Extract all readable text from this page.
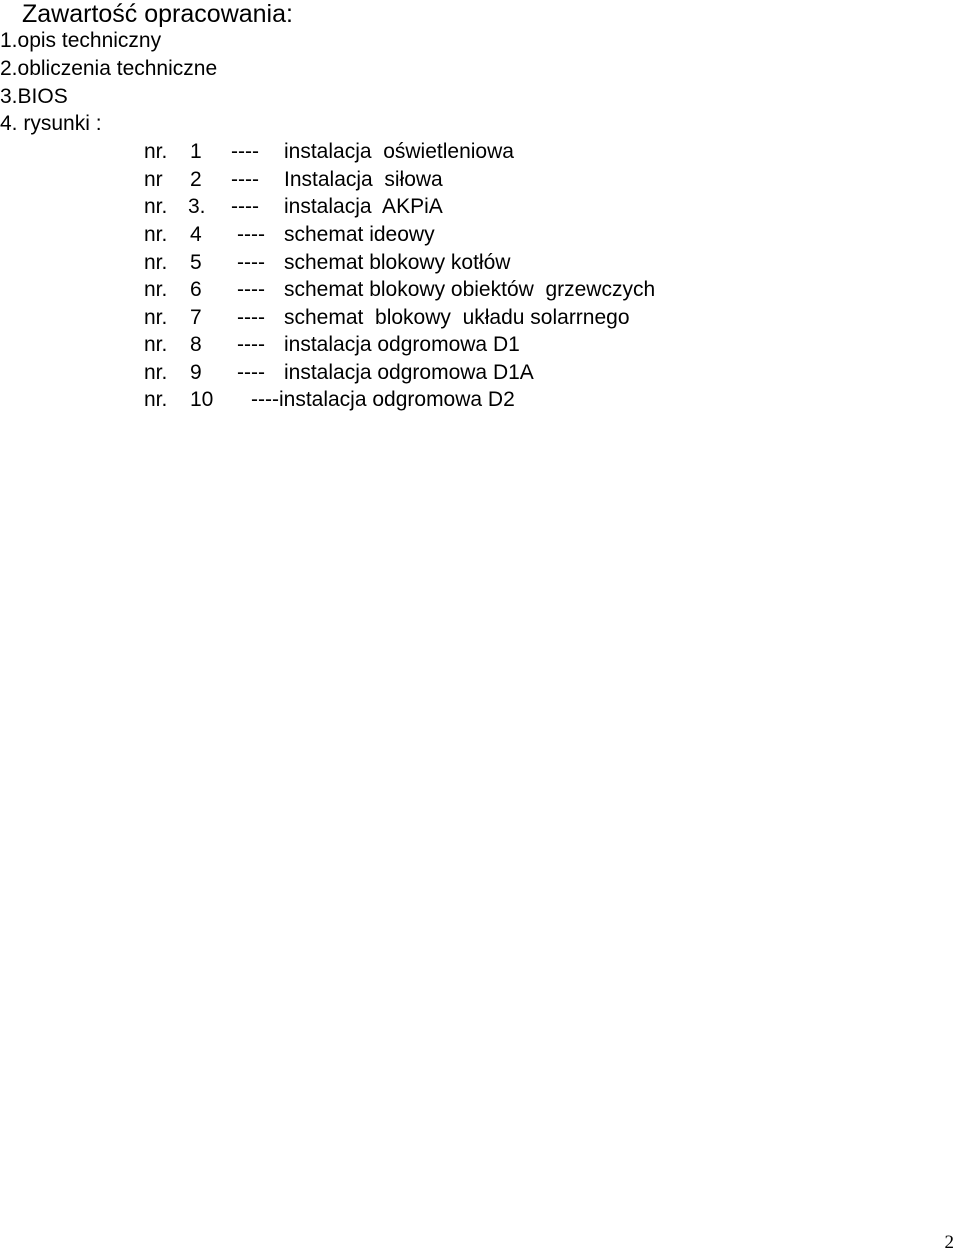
Zawartość opracowania:
1.opis techniczny
2.obliczenia techniczne
3.BIOS
4. rysunki :
nr. 1 ---- instalacja  oświetleniowa
nr 2 ---- Instalacja  siłowa
nr. 3. ---- instalacja  AKPiA
nr. 4 ---- schemat ideowy
nr. 5 ---- schemat blokowy kotłów
nr. 6 ---- schemat blokowy obiektów  grzewczych
nr. 7 ---- schemat  blokowy  układu solarrnego
nr. 8 ---- instalacja odgromowa D1
nr. 9 ---- instalacja odgromowa D1A
nr. 10 ----instalacja odgromowa D2
2
